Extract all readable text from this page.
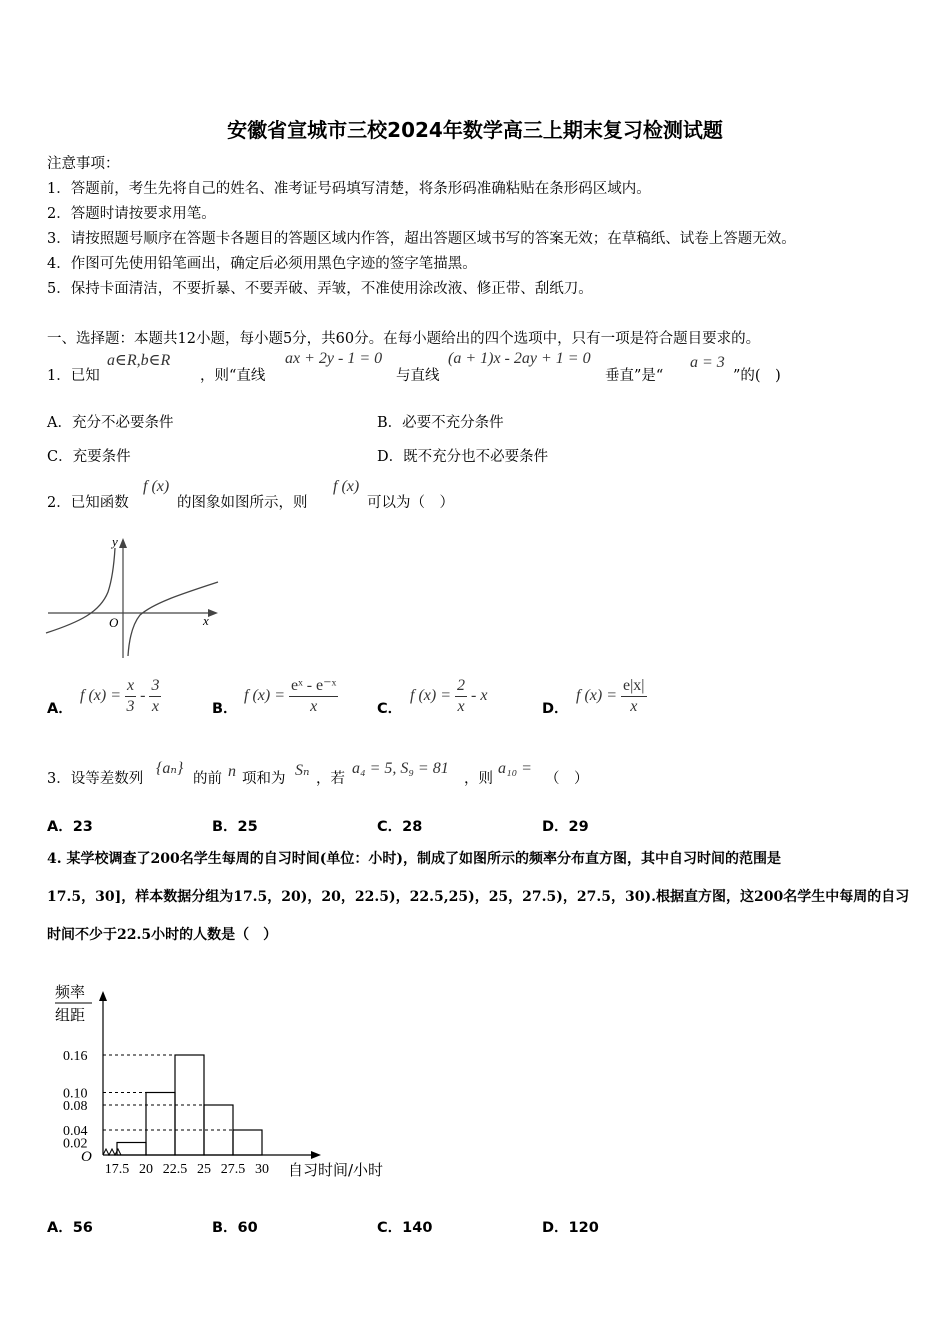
安徽省宣城市三校2024年数学高三上期末复习检测试题
注意事项：
1．答题前，考生先将自己的姓名、准考证号码填写清楚，将条形码准确粘贴在条形码区域内。
2．答题时请按要求用笔。
3．请按照题号顺序在答题卡各题目的答题区域内作答，超出答题区域书写的答案无效；在草稿纸、试卷上答题无效。
4．作图可先使用铅笔画出，确定后必须用黑色字迹的签字笔描黑。
5．保持卡面清洁，不要折暴、不要弄破、弄皱，不准使用涂改液、修正带、刮纸刀。
一、选择题：本题共12小题，每小题5分，共60分。在每小题给出的四个选项中，只有一项是符合题目要求的。
1．已知
a∈R,b∈R
，则“直线
ax + 2y - 1 = 0
与直线
(a + 1)x - 2ay + 1 = 0
垂直”是“
a = 3
”的(　)
A．充分不必要条件	B．必要不充分条件
C．充要条件	D．既不充分也不必要条件
2．已知函数
f (x)
的图象如图所示，则
f (x)
可以为（　）
y
O	x
A．
f $(x) = \frac{x}{3} - \frac{3}{x}$	B．
f $(x) = \frac{\text{eˣ - e⁻ˣ}}{x}$	C．
f $(x) = \frac{2}{x} - x$
D．
f $(x) = \frac{e|x|}{x}$
3．设等差数列
{aₙ}
的前 n 项和为 Sₙ ，若
a₄ = 5, S₉ = 81
，则
a₁₀ =
（　）
A．23	B．25	C．28	D．29
4. 某学校调查了200名学生每周的自习时间(单位：小时)，制成了如图所示的频率分布直方图，其中自习时间的范围是
17.5，30]，样本数据分组为17.5，20)，20，22.5)，22.5,25)，25，27.5)，27.5，30).根据直方图，这200名学生中每周的自习
时间不少于22.5小时的人数是（　）
频率
组距
O
自习时间/小时
0.16
0.10
0.08
0.04
0.02
17.5 20 22.5 25 27.5 30
A．56	B．60	C．140	D．120
